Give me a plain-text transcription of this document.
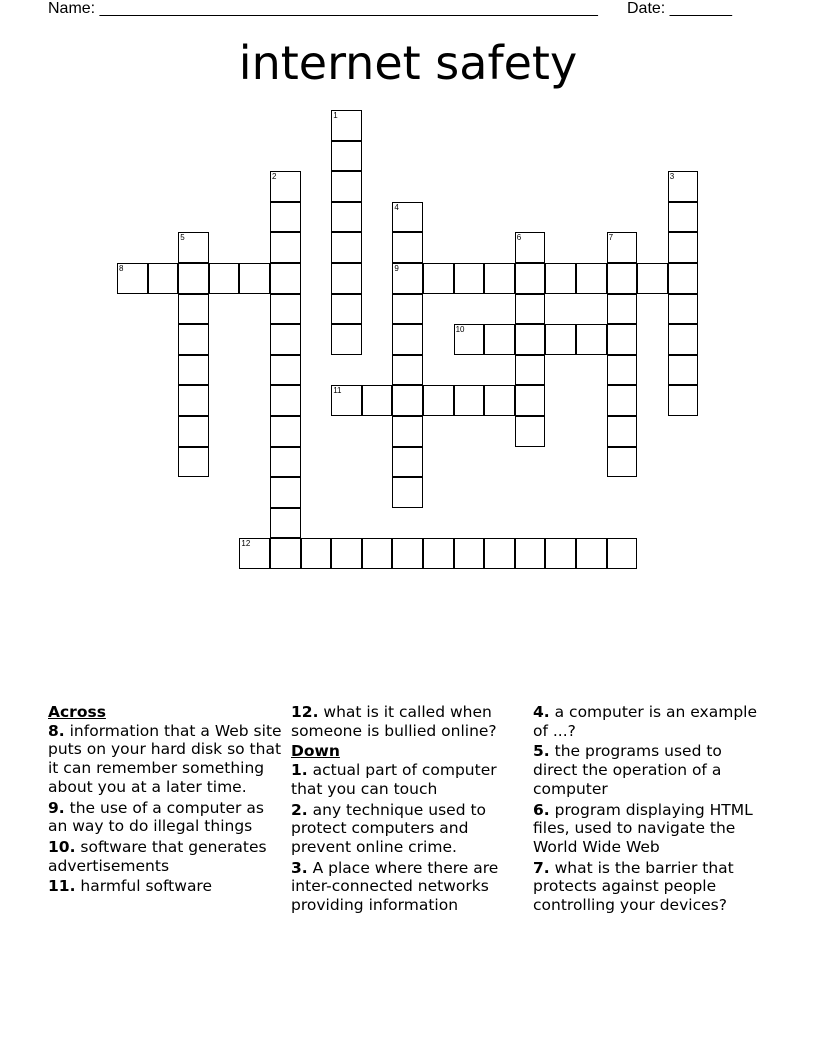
Name: ________________________________________________________ Date: _______
internet safety
1
2	3
4
9
5	6	7
8
10
11
12
Across
8. information that a Web site puts on your hard disk so that it can remember something about you at a later time.
9. the use of a computer as an way to do illegal things
10. software that generates advertisements
11. harmful software
12. what is it called when someone is bullied online?
Down
1. actual part of computer that you can touch
2. any technique used to protect computers and prevent online crime.
3. A place where there are inter-connected networks providing information
4. a computer is an example of ...?
5. the programs used to direct the operation of a computer
6. program displaying HTML files, used to navigate the World Wide Web
7. what is the barrier that protects against people controlling your devices?
